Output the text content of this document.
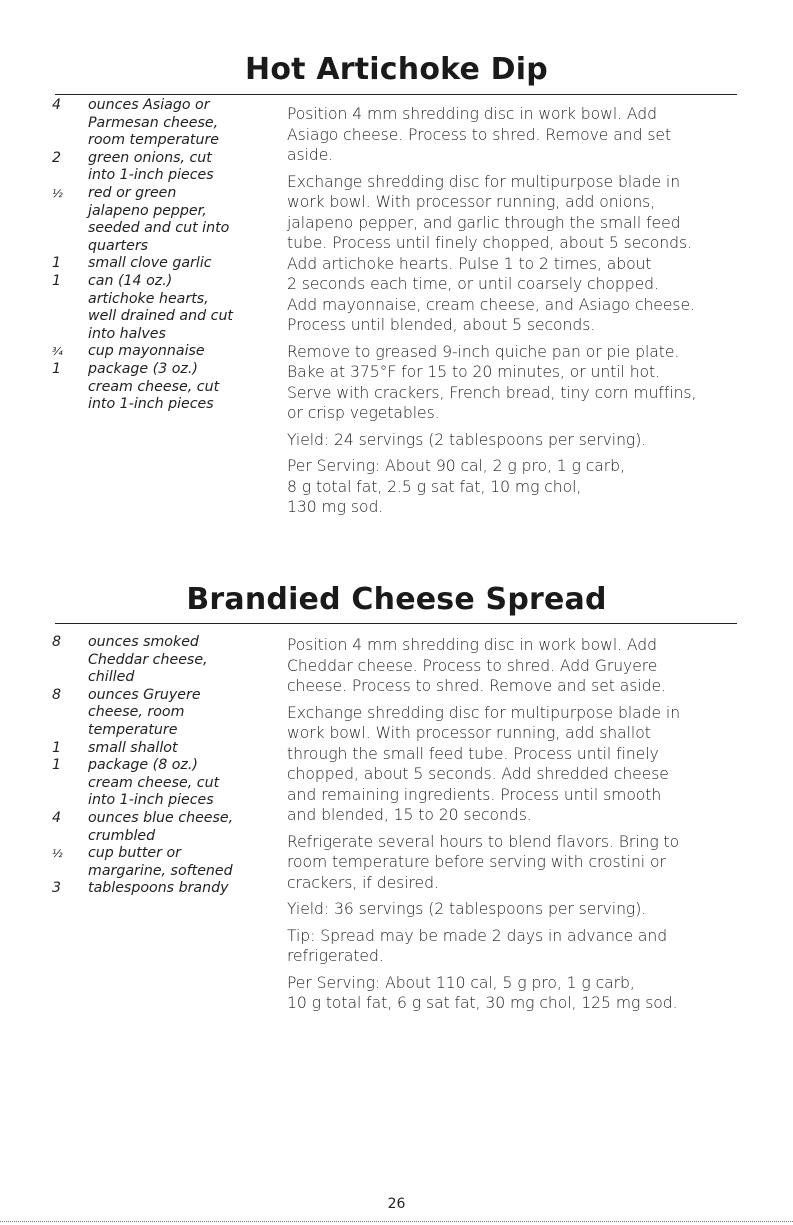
Hot Artichoke Dip
4	ounces Asiago or
Parmesan cheese,
room temperature
2	green onions, cut
into 1-inch pieces
½	red or green
jalapeno pepper,
seeded and cut into
quarters
1	small clove garlic
1	can (14 oz.)
artichoke hearts,
well drained and cut
into halves
¾	cup mayonnaise
1	package (3 oz.)
cream cheese, cut
into 1-inch pieces

Position 4 mm shredding disc in work bowl. Add
Asiago cheese. Process to shred. Remove and set
aside.

Exchange shredding disc for multipurpose blade in
work bowl. With processor running, add onions,
jalapeno pepper, and garlic through the small feed
tube. Process until finely chopped, about 5 seconds.
Add artichoke hearts. Pulse 1 to 2 times, about
2 seconds each time, or until coarsely chopped.
Add mayonnaise, cream cheese, and Asiago cheese.
Process until blended, about 5 seconds.

Remove to greased 9-inch quiche pan or pie plate.
Bake at 375°F for 15 to 20 minutes, or until hot.
Serve with crackers, French bread, tiny corn muffins,
or crisp vegetables.

Yield: 24 servings (2 tablespoons per serving).

Per Serving: About 90 cal, 2 g pro, 1 g carb,
8 g total fat, 2.5 g sat fat, 10 mg chol,
130 mg sod.

Brandied Cheese Spread
8	ounces smoked
Cheddar cheese,
chilled
8	ounces Gruyere
cheese, room
temperature
1	small shallot
1	package (8 oz.)
cream cheese, cut
into 1-inch pieces
4	ounces blue cheese,
crumbled
½	cup butter or
margarine, softened
3	tablespoons brandy

Position 4 mm shredding disc in work bowl. Add
Cheddar cheese. Process to shred. Add Gruyere
cheese. Process to shred. Remove and set aside.

Exchange shredding disc for multipurpose blade in
work bowl. With processor running, add shallot
through the small feed tube. Process until finely
chopped, about 5 seconds. Add shredded cheese
and remaining ingredients. Process until smooth
and blended, 15 to 20 seconds.

Refrigerate several hours to blend flavors. Bring to
room temperature before serving with crostini or
crackers, if desired.

Yield: 36 servings (2 tablespoons per serving).

Tip: Spread may be made 2 days in advance and
refrigerated.

Per Serving: About 110 cal, 5 g pro, 1 g carb,
10 g total fat, 6 g sat fat, 30 mg chol, 125 mg sod.

26
